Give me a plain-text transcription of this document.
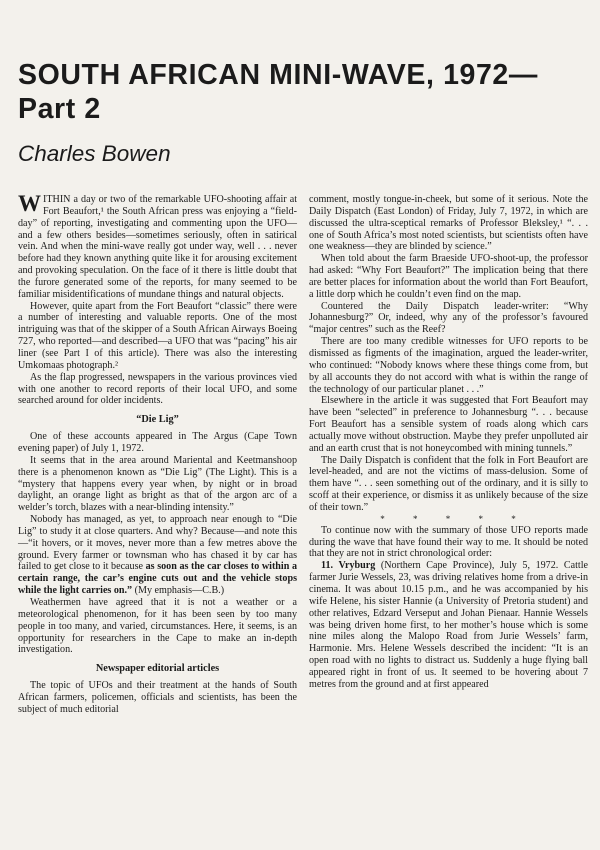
SOUTH AFRICAN MINI-WAVE, 1972—Part 2
Charles Bowen

WITHIN a day or two of the remarkable UFO-shooting affair at Fort Beaufort,¹ the South African press was enjoying a “field-day” of reporting, investigating and commenting upon the UFO—and a few others besides—sometimes seriously, often in satirical vein. And when the mini-wave really got under way, well . . . never before had they known anything quite like it for arousing excitement and provoking speculation. On the face of it there is little doubt that the furore generated some of the reports, for many seemed to be familiar misidentifications of mundane things and natural objects.

However, quite apart from the Fort Beaufort “classic” there were a number of interesting and valuable reports. One of the most intriguing was that of the skipper of a South African Airways Boeing 727, who reported—and described—a UFO that was “pacing” his air liner (see Part I of this article). There was also the interesting Umkomaas photograph.²

As the flap progressed, newspapers in the various provinces vied with one another to record reports of their local UFO, and some searched around for older incidents.

“Die Lig”

One of these accounts appeared in The Argus (Cape Town evening paper) of July 1, 1972.

It seems that in the area around Mariental and Keetmanshoop there is a phenomenon known as “Die Lig” (The Light). This is a “mystery that happens every year when, by night or in broad daylight, an orange light as bright as that of the argon arc of a welder’s torch, blazes with a near-blinding intensity.”

Nobody has managed, as yet, to approach near enough to “Die Lig” to study it at close quarters. And why? Because—and note this—“it hovers, or it moves, never more than a few metres above the ground. Every farmer or townsman who has chased it by car has failed to get close to it because as soon as the car closes to within a certain range, the car’s engine cuts out and the vehicle stops while the light carries on.” (My emphasis—C.B.)

Weathermen have agreed that it is not a weather or a meteorological phenomenon, for it has been seen by too many people in too many, and varied, circumstances. Here, it seems, is an opportunity for researchers in the Cape to make an in-depth investigation.

Newspaper editorial articles

The topic of UFOs and their treatment at the hands of South African farmers, policemen, officials and scientists, has been the subject of much editorial

comment, mostly tongue-in-cheek, but some of it serious. Note the Daily Dispatch (East London) of Friday, July 7, 1972, in which are discussed the ultra-sceptical remarks of Professor Bleksley,¹ “. . . one of South Africa’s most noted scientists, but scientists often have one weakness—they are blinded by science.”

When told about the farm Braeside UFO-shoot-up, the professor had asked: “Why Fort Beaufort?” The implication being that there are better places for information about the world than Fort Beaufort, a little dorp which he couldn’t even find on the map.

Countered the Daily Dispatch leader-writer: “Why Johannesburg?” Or, indeed, why any of the professor’s favoured “major centres” such as the Reef?

There are too many credible witnesses for UFO reports to be dismissed as figments of the imagination, argued the leader-writer, who continued: “Nobody knows where these things come from, but by all accounts they do not accord with what is within the range of the technology of our particular planet . . .”

Elsewhere in the article it was suggested that Fort Beaufort may have been “selected” in preference to Johannesburg “. . . because Fort Beaufort has a sensible system of roads along which cars actually move without obstruction. Maybe they prefer unpolluted air and an earth crust that is not honeycombed with mining tunnels.”

The Daily Dispatch is confident that the folk in Fort Beaufort are level-headed, and are not the victims of mass-delusion. Some of them have “. . . seen something out of the ordinary, and it is silly to scoff at their experience, or dismiss it as unlikely because of the size of their town.”

* * * * *

To continue now with the summary of those UFO reports made during the wave that have found their way to me. It should be noted that they are not in strict chronological order:

11. Vryburg (Northern Cape Province), July 5, 1972. Cattle farmer Jurie Wessels, 23, was driving relatives home from a drive-in cinema. It was about 10.15 p.m., and he was accompanied by his wife Helene, his sister Hannie (a University of Pretoria student) and other relatives, Edzard Verseput and Johan Pienaar. Hannie Wessels was being driven home first, to her mother’s house which is some nine miles along the Malopo Road from Jurie Wessels’ farm, Harmonie. Mrs. Helene Wessels described the incident: “It is an open road with no lights to distract us. Suddenly a huge flying ball appeared right in front of us. It seemed to be hovering about 7 metres from the ground and at first appeared
